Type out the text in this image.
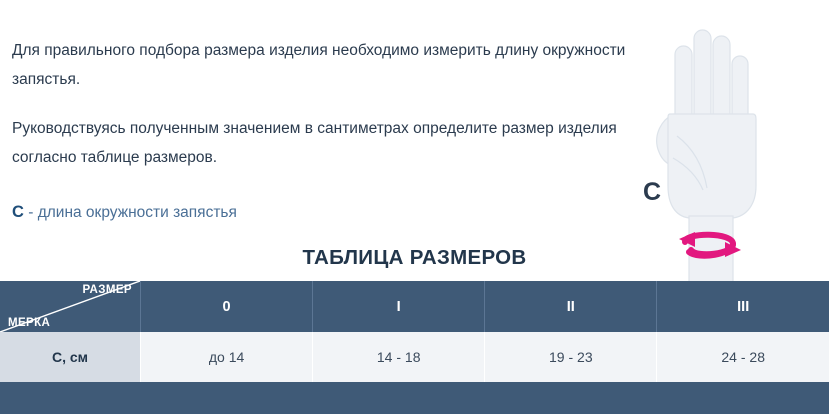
Для правильного подбора размера изделия необходимо измерить длину окружности запястья.

Руководствуясь полученным значением в сантиметрах определите размер изделия согласно таблице размеров.

C - длина окружности запястья
C
ТАБЛИЦА РАЗМЕРОВ
РАЗМЕР
МЕРКА	0	I	II	III
C, см	до 14	14 - 18	19 - 23	24 - 28
